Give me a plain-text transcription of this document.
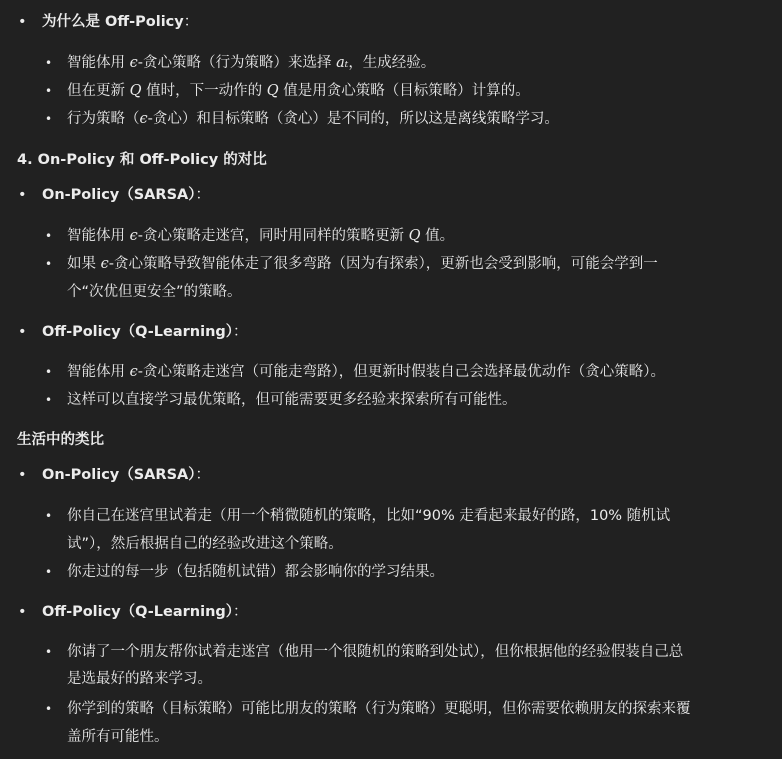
• 为什么是 Off-Policy：
• 智能体用 ϵ-贪心策略（行为策略）来选择 aₜ，生成经验。
• 但在更新 Q 值时，下一动作的 Q 值是用贪心策略（目标策略）计算的。
• 行为策略（ϵ-贪心）和目标策略（贪心）是不同的，所以这是离线策略学习。
4. On-Policy 和 Off-Policy 的对比
• On-Policy（SARSA）：
• 智能体用 ϵ-贪心策略走迷宫，同时用同样的策略更新 Q 值。
• 如果 ϵ-贪心策略导致智能体走了很多弯路（因为有探索），更新也会受到影响，可能会学到一
个“次优但更安全”的策略。
• Off-Policy（Q-Learning）：
• 智能体用 ϵ-贪心策略走迷宫（可能走弯路），但更新时假装自己会选择最优动作（贪心策略）。
• 这样可以直接学习最优策略，但可能需要更多经验来探索所有可能性。
生活中的类比
• On-Policy（SARSA）：
• 你自己在迷宫里试着走（用一个稍微随机的策略，比如“90% 走看起来最好的路，10% 随机试
试”），然后根据自己的经验改进这个策略。
• 你走过的每一步（包括随机试错）都会影响你的学习结果。
• Off-Policy（Q-Learning）：
• 你请了一个朋友帮你试着走迷宫（他用一个很随机的策略到处试），但你根据他的经验假装自己总
是选最好的路来学习。
• 你学到的策略（目标策略）可能比朋友的策略（行为策略）更聪明，但你需要依赖朋友的探索来覆
盖所有可能性。
